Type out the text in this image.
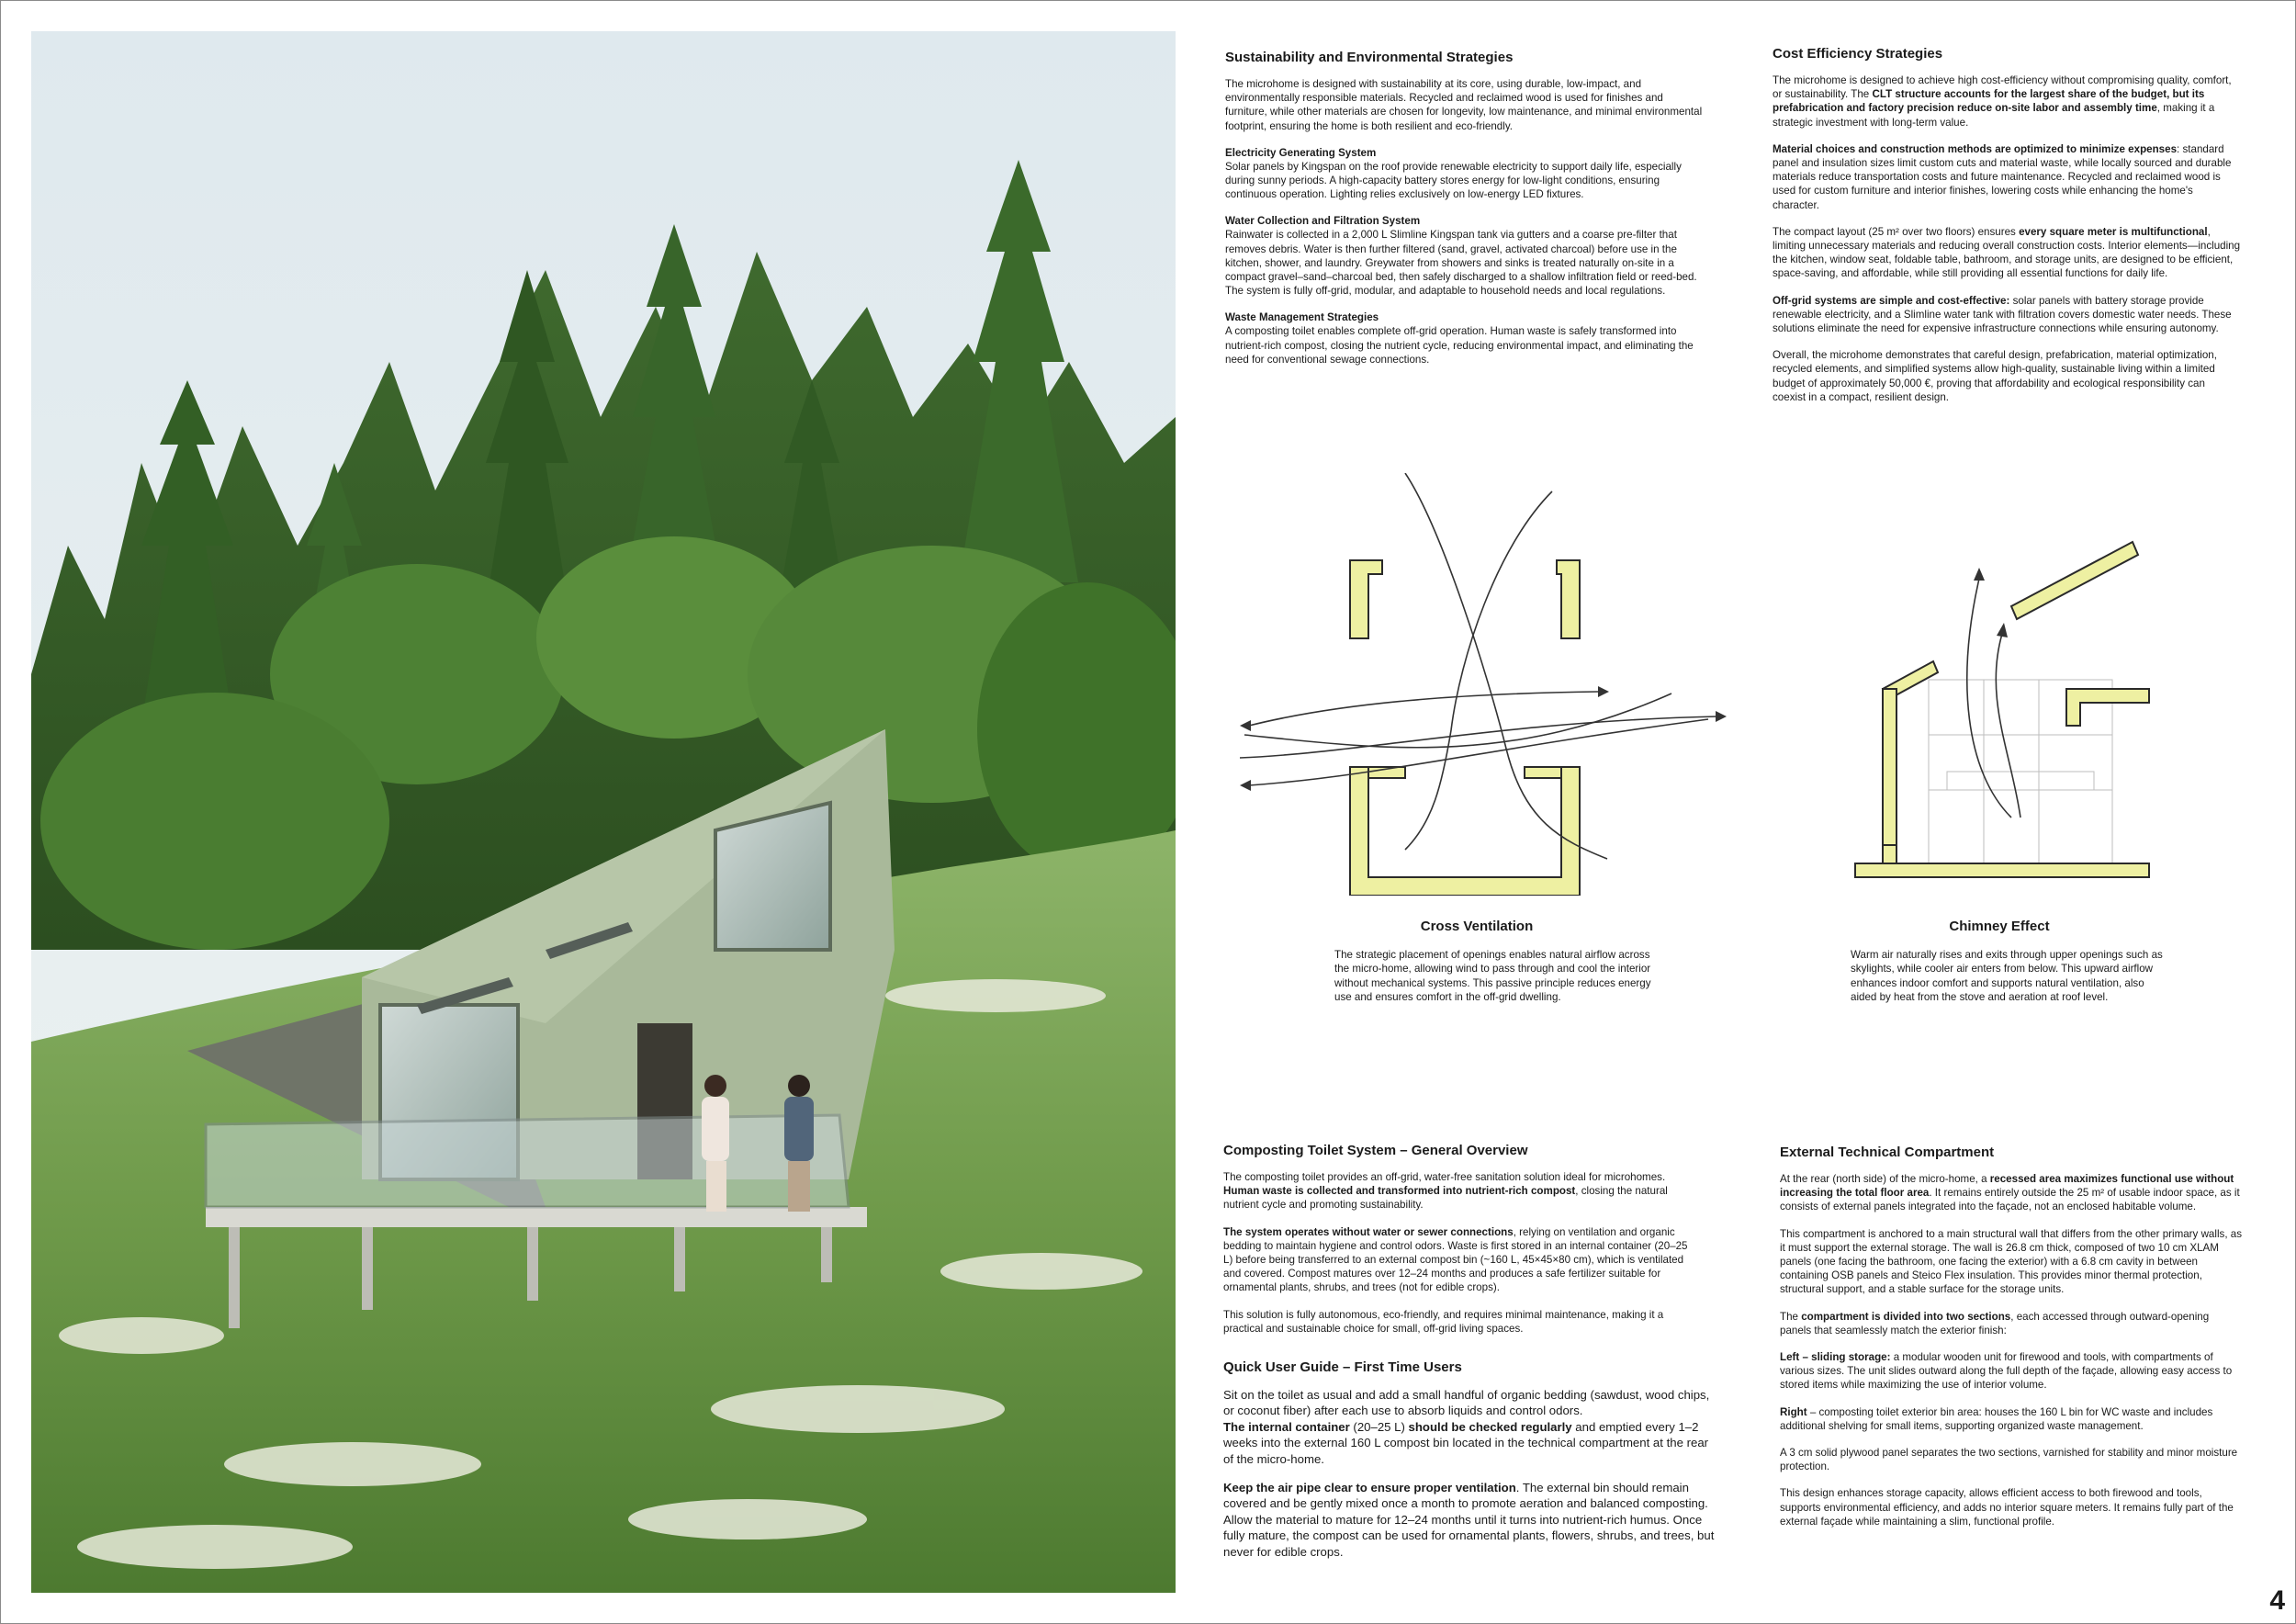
Sustainability and Environmental Strategies

The microhome is designed with sustainability at its core, using durable, low-impact, and environmentally responsible materials. Recycled and reclaimed wood is used for finishes and furniture, while other materials are chosen for longevity, low maintenance, and minimal environmental footprint, ensuring the home is both resilient and eco-friendly.

Electricity Generating System

Solar panels by Kingspan on the roof provide renewable electricity to support daily life, especially during sunny periods. A high-capacity battery stores energy for low-light conditions, ensuring continuous operation. Lighting relies exclusively on low-energy LED fixtures.

Water Collection and Filtration System

Rainwater is collected in a 2,000 L Slimline Kingspan tank via gutters and a coarse pre-filter that removes debris. Water is then further filtered (sand, gravel, activated charcoal) before use in the kitchen, shower, and laundry. Greywater from showers and sinks is treated naturally on-site in a compact gravel–sand–charcoal bed, then safely discharged to a shallow infiltration field or reed-bed. The system is fully off-grid, modular, and adaptable to household needs and local regulations.

Waste Management Strategies

A composting toilet enables complete off-grid operation. Human waste is safely transformed into nutrient-rich compost, closing the nutrient cycle, reducing environmental impact, and eliminating the need for conventional sewage connections.

Cost Efficiency Strategies

The microhome is designed to achieve high cost-efficiency without compromising quality, comfort, or sustainability. The CLT structure accounts for the largest share of the budget, but its prefabrication and factory precision reduce on-site labor and assembly time, making it a strategic investment with long-term value.

Material choices and construction methods are optimized to minimize expenses: standard panel and insulation sizes limit custom cuts and material waste, while locally sourced and durable materials reduce transportation costs and future maintenance. Recycled and reclaimed wood is used for custom furniture and interior finishes, lowering costs while enhancing the home's character.

The compact layout (25 m² over two floors) ensures every square meter is multifunctional, limiting unnecessary materials and reducing overall construction costs. Interior elements—including the kitchen, window seat, foldable table, bathroom, and storage units, are designed to be efficient, space-saving, and affordable, while still providing all essential functions for daily life.

Off-grid systems are simple and cost-effective: solar panels with battery storage provide renewable electricity, and a Slimline water tank with filtration covers domestic water needs. These solutions eliminate the need for expensive infrastructure connections while ensuring autonomy.

Overall, the microhome demonstrates that careful design, prefabrication, material optimization, recycled elements, and simplified systems allow high-quality, sustainable living within a limited budget of approximately 50,000 €, proving that affordability and ecological responsibility can coexist in a compact, resilient design.

Cross Ventilation
The strategic placement of openings enables natural airflow across the micro-home, allowing wind to pass through and cool the interior without mechanical systems. This passive principle reduces energy use and ensures comfort in the off-grid dwelling.
Chimney Effect
Warm air naturally rises and exits through upper openings such as skylights, while cooler air enters from below. This upward airflow enhances indoor comfort and supports natural ventilation, also aided by heat from the stove and aeration at roof level.
Composting Toilet System – General Overview

The composting toilet provides an off-grid, water-free sanitation solution ideal for microhomes. Human waste is collected and transformed into nutrient-rich compost, closing the natural nutrient cycle and promoting sustainability.

The system operates without water or sewer connections, relying on ventilation and organic bedding to maintain hygiene and control odors. Waste is first stored in an internal container (20–25 L) before being transferred to an external compost bin (~160 L, 45×45×80 cm), which is ventilated and covered. Compost matures over 12–24 months and produces a safe fertilizer suitable for ornamental plants, shrubs, and trees (not for edible crops).

This solution is fully autonomous, eco-friendly, and requires minimal maintenance, making it a practical and sustainable choice for small, off-grid living spaces.

Quick User Guide – First Time Users

Sit on the toilet as usual and add a small handful of organic bedding (sawdust, wood chips, or coconut fiber) after each use to absorb liquids and control odors.

The internal container (20–25 L) should be checked regularly and emptied every 1–2 weeks into the external 160 L compost bin located in the technical compartment at the rear of the micro-home.

Keep the air pipe clear to ensure proper ventilation. The external bin should remain covered and be gently mixed once a month to promote aeration and balanced composting.

Allow the material to mature for 12–24 months until it turns into nutrient-rich humus. Once fully mature, the compost can be used for ornamental plants, flowers, shrubs, and trees, but never for edible crops.

External Technical Compartment

At the rear (north side) of the micro-home, a recessed area maximizes functional use without increasing the total floor area. It remains entirely outside the 25 m² of usable indoor space, as it consists of external panels integrated into the façade, not an enclosed habitable volume.

This compartment is anchored to a main structural wall that differs from the other primary walls, as it must support the external storage. The wall is 26.8 cm thick, composed of two 10 cm XLAM panels (one facing the bathroom, one facing the exterior) with a 6.8 cm cavity in between containing OSB panels and Steico Flex insulation. This provides minor thermal protection, structural support, and a stable surface for the storage units.

The compartment is divided into two sections, each accessed through outward-opening panels that seamlessly match the exterior finish:

Left – sliding storage: a modular wooden unit for firewood and tools, with compartments of various sizes. The unit slides outward along the full depth of the façade, allowing easy access to stored items while maximizing the use of interior volume.

Right – composting toilet exterior bin area: houses the 160 L bin for WC waste and includes additional shelving for small items, supporting organized waste management.

A 3 cm solid plywood panel separates the two sections, varnished for stability and minor moisture protection.

This design enhances storage capacity, allows efficient access to both firewood and tools, supports environmental efficiency, and adds no interior square meters. It remains fully part of the external façade while maintaining a slim, functional profile.

4
